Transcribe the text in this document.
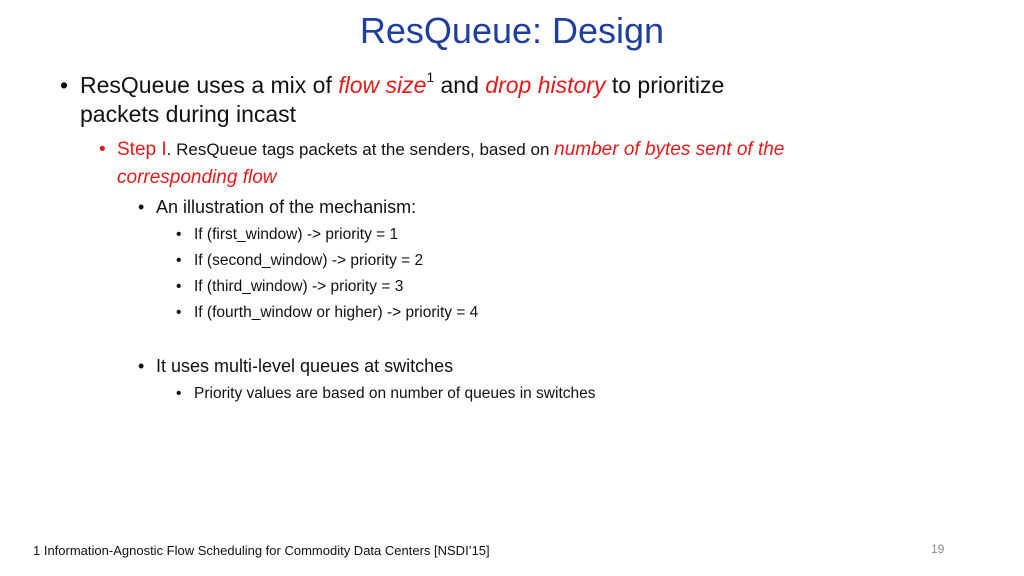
ResQueue: Design
• ResQueue uses a mix of flow size$^1$ and drop history to prioritize
packets during incast
• Step I. ResQueue tags packets at the senders, based on number of bytes sent of the
corresponding flow
• An illustration of the mechanism:
• If (first_window) -> priority = 1
• If (second_window) -> priority = 2
• If (third_window) -> priority = 3
• If (fourth_window or higher) -> priority = 4
• It uses multi-level queues at switches
• Priority values are based on number of queues in switches
1 Information-Agnostic Flow Scheduling for Commodity Data Centers [NSDI’15]	19
